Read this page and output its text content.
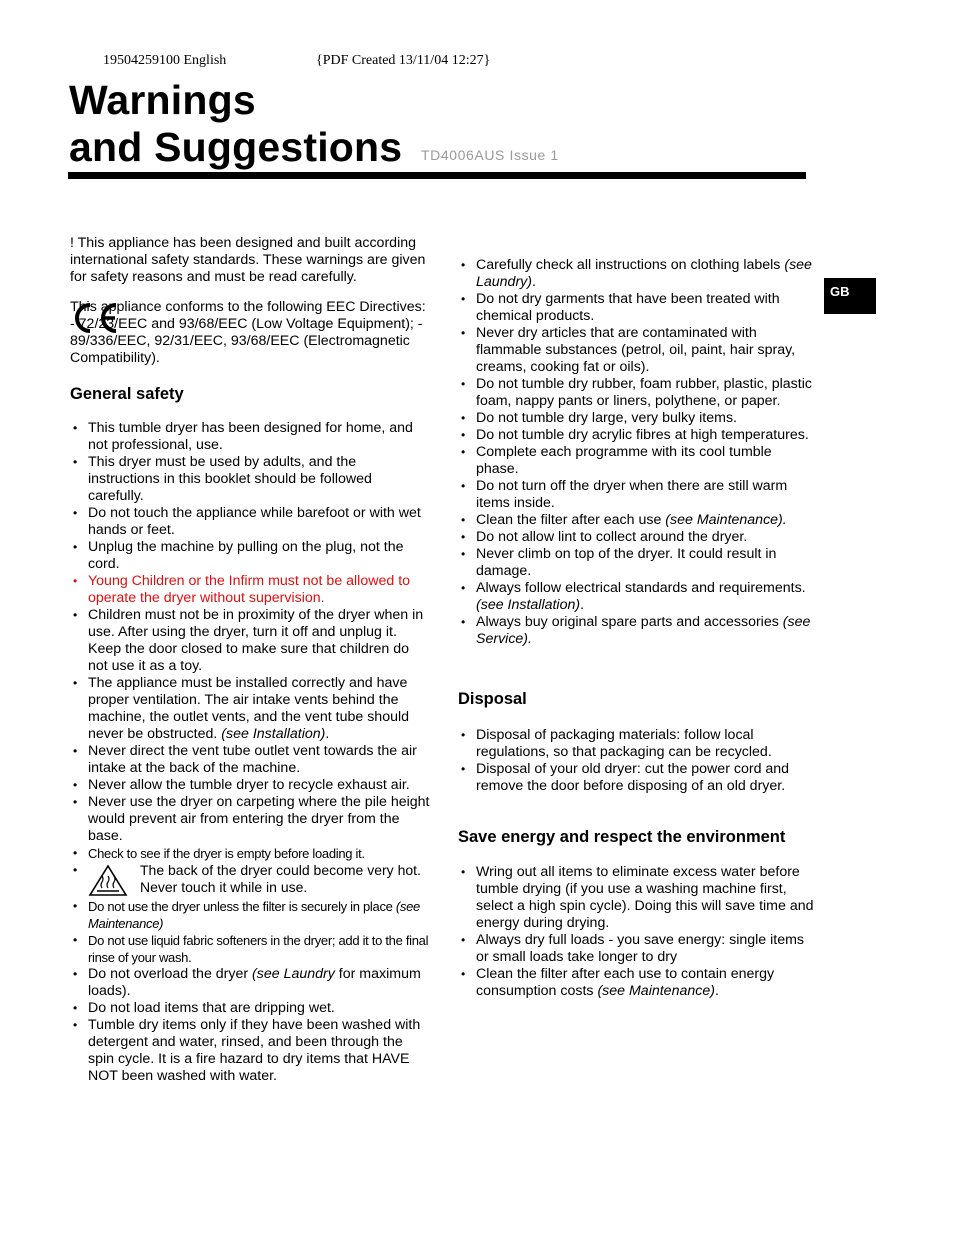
19504259100 English	{PDF Created 13/11/04 12:27}
Warnings
and Suggestions TD4006AUS Issue 1
GB

! This appliance has been designed and built according international safety standards. These warnings are given for safety reasons and must be read carefully.

This appliance conforms to the following EEC Directives:

- 72/23/EEC and 93/68/EEC (Low Voltage Equipment); - 89/336/EEC, 92/31/EEC, 93/68/EEC (Electromagnetic Compatibility).

General safety
• This tumble dryer has been designed for home, and not professional, use.
• This dryer must be used by adults, and the instructions in this booklet should be followed carefully.
• Do not touch the appliance while barefoot or with wet hands or feet.
• Unplug the machine by pulling on the plug, not the cord.
• Young Children or the Infirm must not be allowed to operate the dryer without supervision.
• Children must not be in proximity of the dryer when in use. After using the dryer, turn it off and unplug it. Keep the door closed to make sure that children do not use it as a toy.
• The appliance must be installed correctly and have proper ventilation. The air intake vents behind the machine, the outlet vents, and the vent tube should never be obstructed. (see Installation).
• Never direct the vent tube outlet vent towards the air intake at the back of the machine.
• Never allow the tumble dryer to recycle exhaust air.
• Never use the dryer on carpeting where the pile height would prevent air from entering the dryer from the base.
• Check to see if the dryer is empty before loading it.
• The back of the dryer could become very hot. Never touch it while in use.
• Do not use the dryer unless the filter is securely in place (see Maintenance)
• Do not use liquid fabric softeners in the dryer; add it to the final rinse of your wash.
• Do not overload the dryer (see Laundry for maximum loads).
• Do not load items that are dripping wet.
• Tumble dry items only if they have been washed with detergent and water, rinsed, and been through the spin cycle. It is a fire hazard to dry items that HAVE NOT been washed with water.
• Carefully check all instructions on clothing labels (see Laundry).
• Do not dry garments that have been treated with chemical products.
• Never dry articles that are contaminated with flammable substances (petrol, oil, paint, hair spray, creams, cooking fat or oils).
• Do not tumble dry rubber, foam rubber, plastic, plastic foam, nappy pants or liners, polythene, or paper.
• Do not tumble dry large, very bulky items.
• Do not tumble dry acrylic fibres at high temperatures.
• Complete each programme with its cool tumble phase.
• Do not turn off the dryer when there are still warm items inside.
• Clean the filter after each use (see Maintenance).
• Do not allow lint to collect around the dryer.
• Never climb on top of the dryer. It could result in damage.
• Always follow electrical standards and requirements. (see Installation).
• Always buy original spare parts and accessories (see Service).
Disposal
• Disposal of packaging materials: follow local regulations, so that packaging can be recycled.
• Disposal of your old dryer: cut the power cord and remove the door before disposing of an old dryer.
Save energy and respect the environment
• Wring out all items to eliminate excess water before tumble drying (if you use a washing machine first, select a high spin cycle). Doing this will save time and energy during drying.
• Always dry full loads - you save energy: single items or small loads take longer to dry
• Clean the filter after each use to contain energy consumption costs (see Maintenance).
